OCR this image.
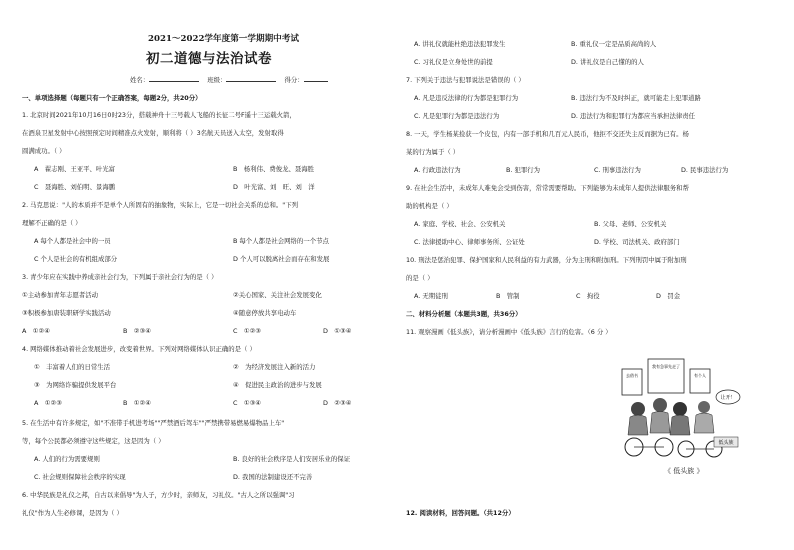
2021～2022学年度第一学期期中考试
初二道德与法治试卷
姓名：	班级：	得分：
一、单项选择题（每题只有一个正确答案，每题2分，共20分）
1. 北京时间2021年10月16日0时23分，搭载神舟十三号载人飞船的长征二号F遥十三运载火箭，
在酒泉卫星发射中心按照预定时间精准点火发射，顺利将（ ）3名航天员送入太空，发射取得
圆满成功。（ ）
A　翟志刚、王亚平、叶光富	B　杨利伟、费俊龙、聂海胜
C　聂海胜、刘伯明、景海鹏	D　叶光富、刘　旺、刘　洋
2. 马克思说："人的本质并不是单个人所固有的抽象物，实际上，它是一切社会关系的总和。"下列
理解不正确的是（ ）
A 每个人都是社会中的一员	B 每个人都是社会网络的一个节点
C 个人是社会的有机组成部分	D 个人可以脱离社会而存在和发展
3. 青少年应在实践中养成亲社会行为，下列属于亲社会行为的是（ ）
①主动参加青年志愿者活动	②关心国家、关注社会发展变化
③积极参加唐装职研学实践活动	④随意停放共享电动车
A　①②④	B　②③④	C　①②③	D　①③④
4. 网络媒体推动着社会发展进步，改变着世界。下列对网络媒体认识正确的是（ ）
①　丰富着人们的日常生活	②　为经济发展注入新的活力
③　为网络诈骗提供发展平台	④　促进民主政治的进步与发展
A　①②③	B　①②④	C　①③④	D　②③④
5. 在生活中有许多规定，如"不准带手机进考场""严禁酒后驾车""严禁携带易燃易爆物品上车"
等，每个公民都必须遵守这些规定，这是因为（ ）
A. 人们的行为需要规则	B. 良好的社会秩序是人们安居乐业的保证
C. 社会规则保障社会秩序的实现	D. 我国的法制建设还不完善
6. 中华民族是礼仪之邦，自古以来倡导"为人子，方少时，亲师友，习礼仪。"古人之所以强调"习
礼仪"作为人生必修课，是因为（ ）
A. 讲礼仪就能杜绝违法犯罪发生	B. 重礼仪一定是品质高尚的人
C. 习礼仪是立身处世的前提	D. 讲礼仪是自己懂的的人
7. 下列关于违法与犯罪说法是错误的（ ）
A. 凡是违反法律的行为都是犯罪行为	B. 违法行为不及时纠正，就可能走上犯罪道路
C. 凡是犯罪行为都是违法行为	D. 违法行为和犯罪行为都应当承担法律责任
8. 一天，学生杨某捡获一个皮包，内有一部手机和几百元人民币，他拒不交还失主反而据为已有。杨
某的行为属于（ ）
A. 行政违法行为	B. 犯罪行为	C. 刑事违法行为	D. 民事违法行为
9. 在社会生活中，未成年人难免会受到伤害，常常需要帮助。下列能够为未成年人提供法律服务和帮
助的机构是（ ）
A. 家庭、学校、社会、公安机关	B. 父母、老师、公安机关
C. 法律援助中心、律师事务所、公证处	D. 学校、司法机关、政府部门
10. 刑法是惩治犯罪、保护国家和人民利益的有力武器，分为主刑和附加刑。下列刑罚中属于附加刑
的是（ ）
A. 无期徒刑	B　管制	C　拘役	D　罚金
二、材料分析题（本题共3题，共36分）
11. 观察漫画《低头族》，请分析漫画中《低头族》言行的危害。（6 分 ）
去借书
我有急事先走了
有个人
让开！
低头族
《 低头族 》
12. 阅读材料，回答问题。（共12分）
